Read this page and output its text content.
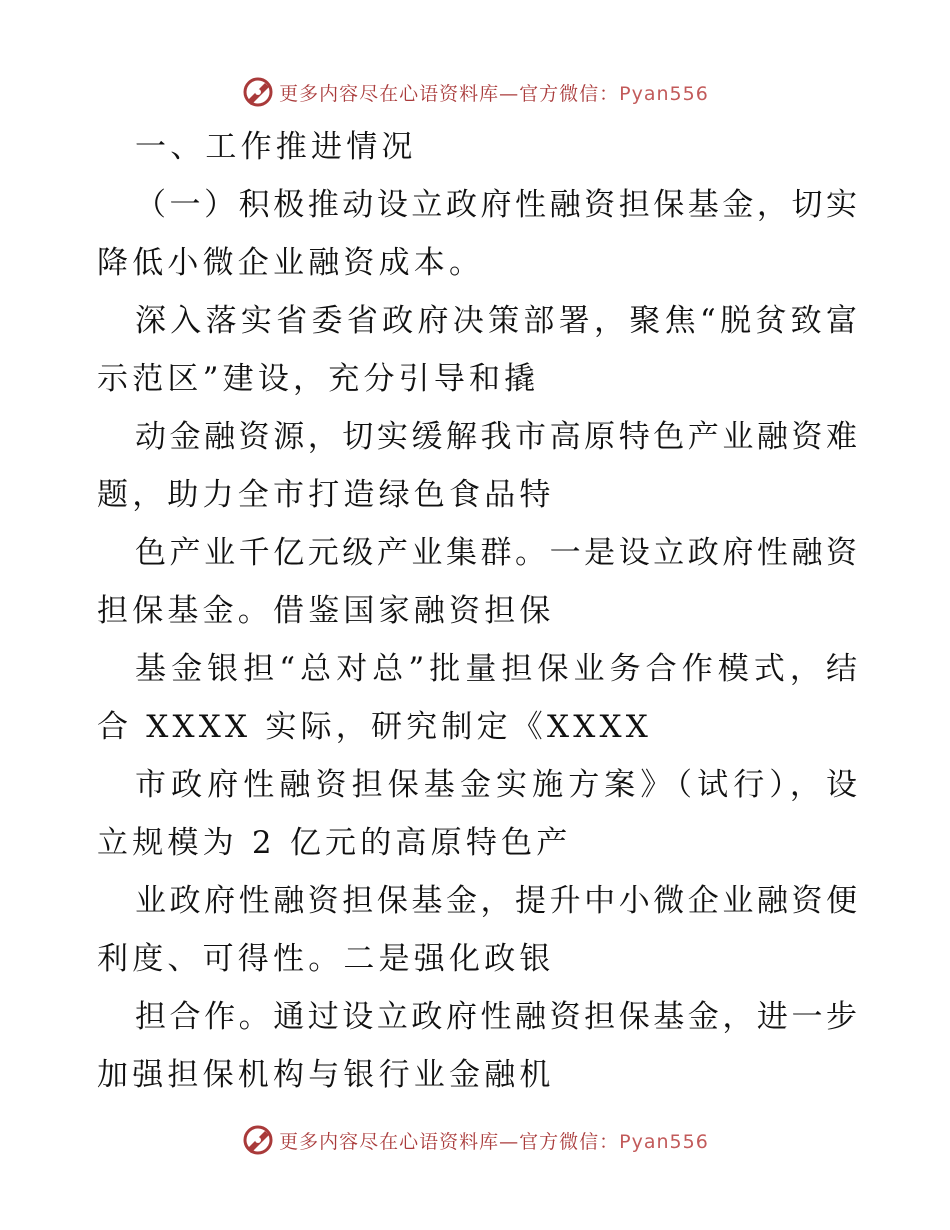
更多内容尽在心语资料库—官方微信：Pyan556
一、工作推进情况
（一）积极推动设立政府性融资担保基金，切实
降低小微企业融资成本。
深入落实省委省政府决策部署，聚焦“脱贫致富
示范区”建设，充分引导和撬
动金融资源，切实缓解我市高原特色产业融资难
题，助力全市打造绿色食品特
色产业千亿元级产业集群。一是设立政府性融资
担保基金。借鉴国家融资担保
基金银担“总对总”批量担保业务合作模式，结
合 XXXX 实际，研究制定《XXXX
市政府性融资担保基金实施方案》（试行），设
立规模为 2 亿元的高原特色产
业政府性融资担保基金，提升中小微企业融资便
利度、可得性。二是强化政银
担合作。通过设立政府性融资担保基金，进一步
加强担保机构与银行业金融机
更多内容尽在心语资料库—官方微信：Pyan556
